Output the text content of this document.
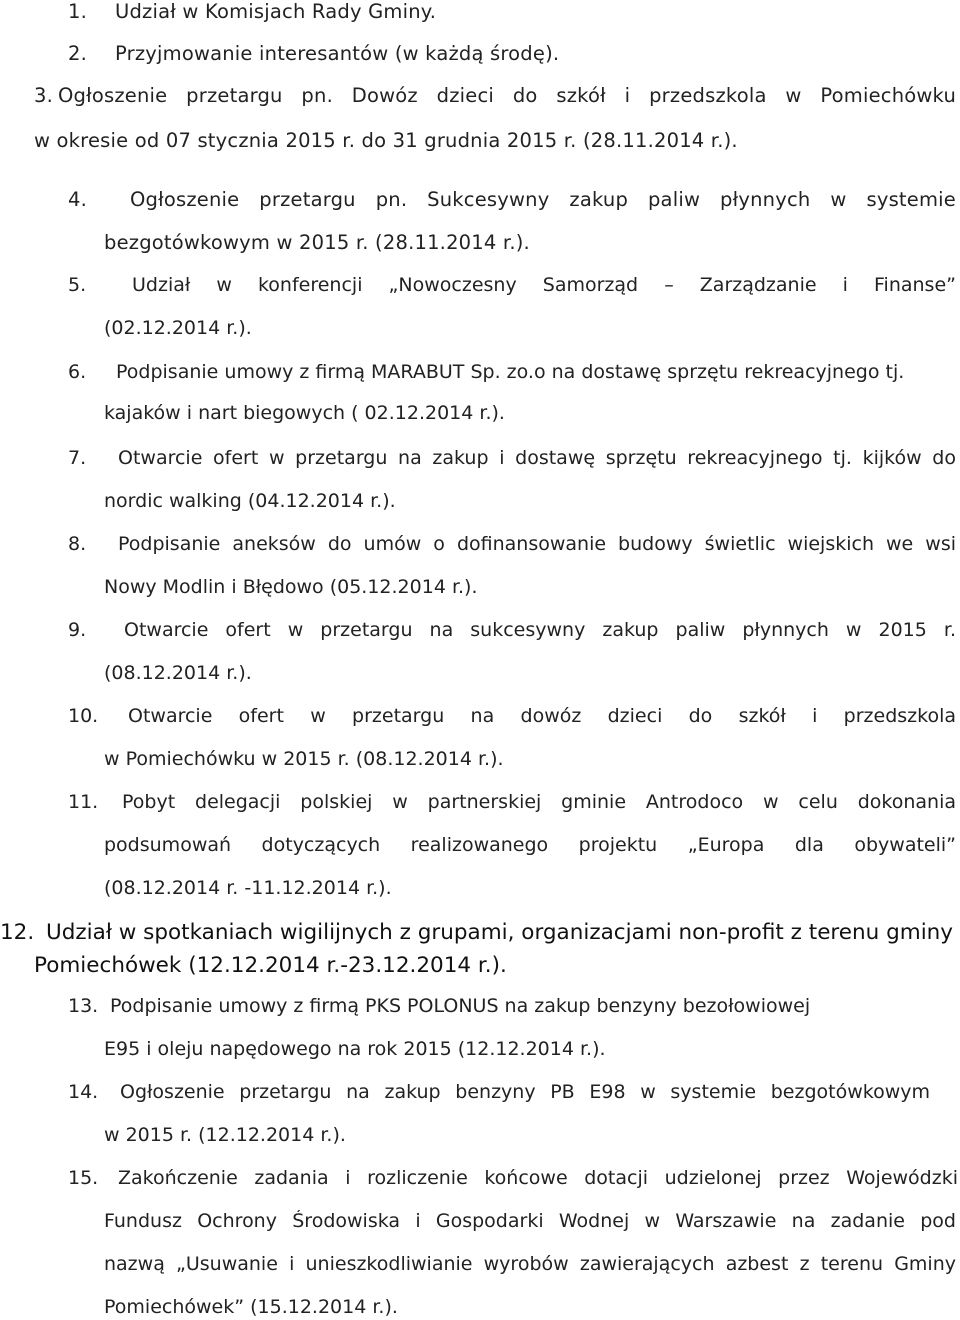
1. Udział w Komisjach Rady Gminy.
2. Przyjmowanie interesantów (w każdą środę).
3. Ogłoszenie przetargu pn. Dowóz dzieci do szkół i przedszkola w Pomiechówku
w okresie od 07 stycznia 2015 r. do 31 grudnia 2015 r. (28.11.2014 r.).
4. Ogłoszenie przetargu pn. Sukcesywny zakup paliw płynnych w systemie
bezgotówkowym w 2015 r. (28.11.2014 r.).
5. Udział w konferencji „Nowoczesny Samorząd – Zarządzanie i Finanse”
(02.12.2014 r.).
6. Podpisanie umowy z firmą MARABUT Sp. zo.o na dostawę sprzętu rekreacyjnego tj.
kajaków i nart biegowych ( 02.12.2014 r.).
7. Otwarcie ofert w przetargu na zakup i dostawę sprzętu rekreacyjnego tj. kijków do
nordic walking (04.12.2014 r.).
8. Podpisanie aneksów do umów o dofinansowanie budowy świetlic wiejskich we wsi
Nowy Modlin i Błędowo (05.12.2014 r.).
9. Otwarcie ofert w przetargu na sukcesywny zakup paliw płynnych w 2015 r.
(08.12.2014 r.).
10. Otwarcie ofert w przetargu na dowóz dzieci do szkół i przedszkola
w Pomiechówku w 2015 r. (08.12.2014 r.).
11. Pobyt delegacji polskiej w partnerskiej gminie Antrodoco w celu dokonania
podsumowań dotyczących realizowanego projektu „Europa dla obywateli”
(08.12.2014 r. -11.12.2014 r.).
12. Udział w spotkaniach wigilijnych z grupami, organizacjami non-profit z terenu gminy
Pomiechówek (12.12.2014 r.-23.12.2014 r.).
13. Podpisanie umowy z firmą PKS POLONUS na zakup benzyny bezołowiowej
E95 i oleju napędowego na rok 2015 (12.12.2014 r.).
14. Ogłoszenie przetargu na zakup benzyny PB E98 w systemie bezgotówkowym
w 2015 r. (12.12.2014 r.).
15. Zakończenie zadania i rozliczenie końcowe dotacji udzielonej przez Wojewódzki
Fundusz Ochrony Środowiska i Gospodarki Wodnej w Warszawie na zadanie pod
nazwą „Usuwanie i unieszkodliwianie wyrobów zawierających azbest z terenu Gminy
Pomiechówek” (15.12.2014 r.).
